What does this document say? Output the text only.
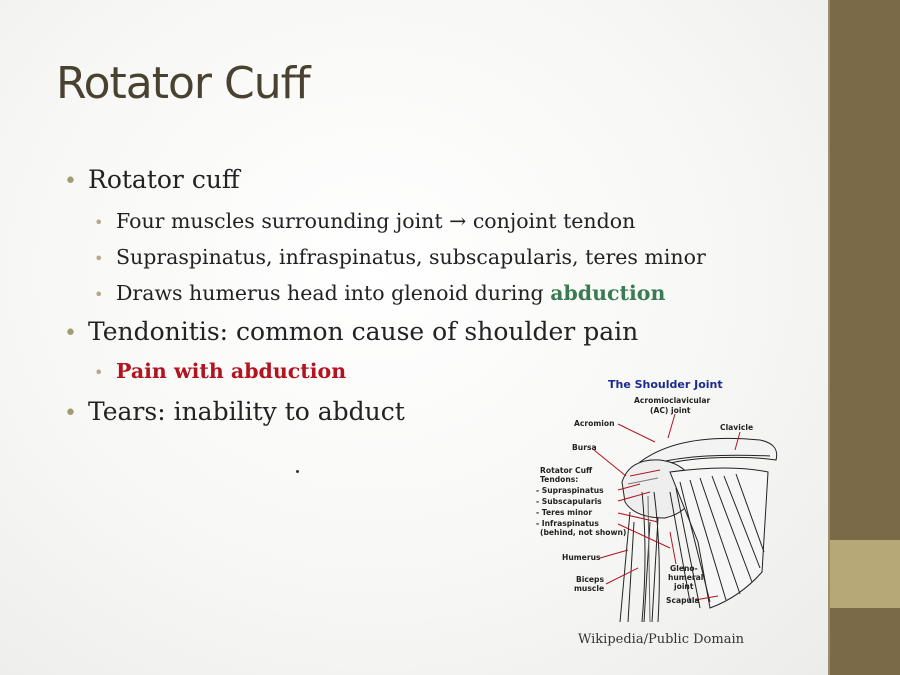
Rotator Cuff
• Rotator cuff
• Four muscles surrounding joint → conjoint tendon
• Supraspinatus, infraspinatus, subscapularis, teres minor
• Draws humerus head into glenoid during abduction
• Tendonitis: common cause of shoulder pain
• Pain with abduction
• Tears: inability to abduct
The Shoulder Joint
Acromioclavicular
(AC) joint
Clavicle
Acromion
Bursa
Rotator Cuff
Tendons:
- Supraspinatus
- Subscapularis
- Teres minor
- Infraspinatus
(behind, not shown)
Humerus
Biceps
muscle
Gleno-
humeral
joint
Scapula
Wikipedia/Public Domain
